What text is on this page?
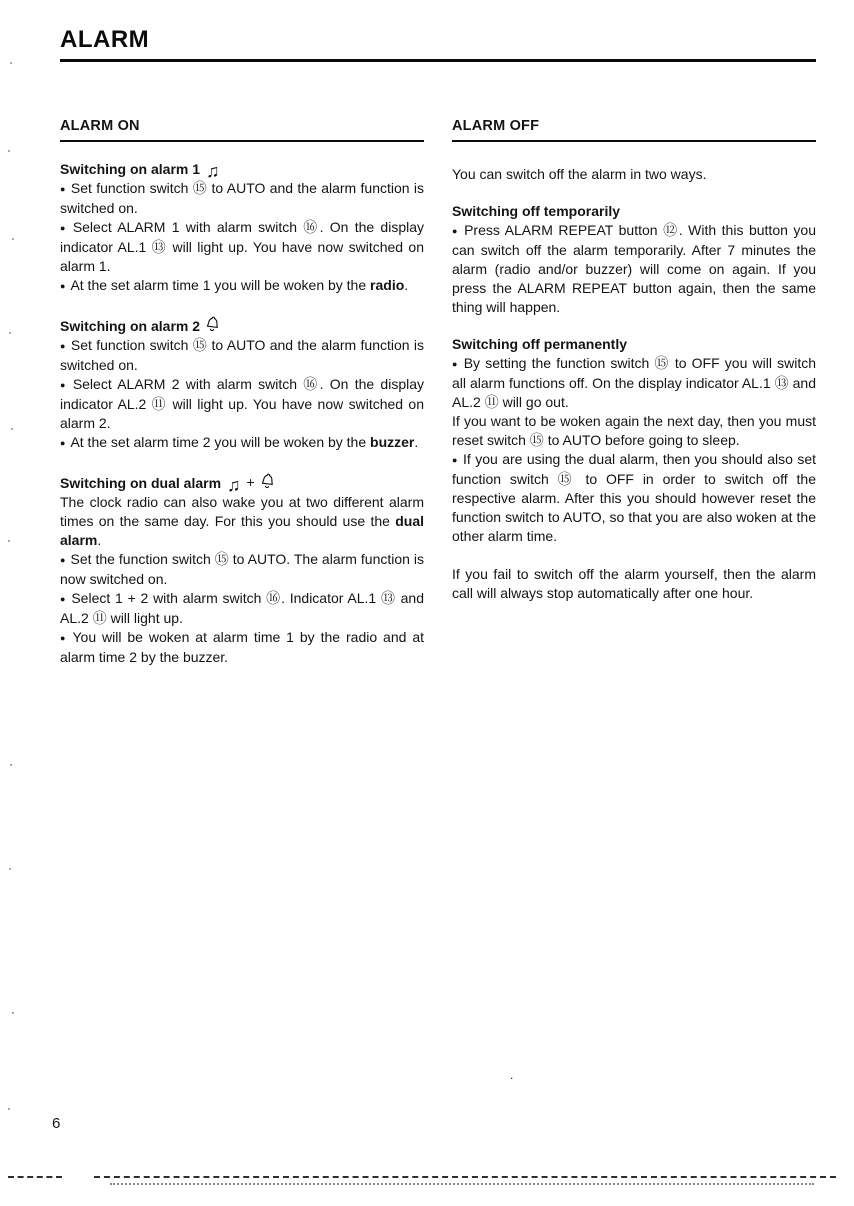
ALARM
ALARM ON
Switching on alarm 1 ♫

● Set function switch ⑮ to AUTO and the alarm function is switched on.

● Select ALARM 1 with alarm switch ⑯. On the display indicator AL.1 ⑬ will light up. You have now switched on alarm 1.

● At the set alarm time 1 you will be woken by the radio.

Switching on alarm 2

● Set function switch ⑮ to AUTO and the alarm function is switched on.

● Select ALARM 2 with alarm switch ⑯. On the display indicator AL.2 ⑪ will light up. You have now switched on alarm 2.

● At the set alarm time 2 you will be woken by the buzzer.

Switching on dual alarm ♫ +

The clock radio can also wake you at two different alarm times on the same day. For this you should use the dual alarm.

● Set the function switch ⑮ to AUTO. The alarm function is now switched on.

● Select 1 + 2 with alarm switch ⑯. Indicator AL.1 ⑬ and AL.2 ⑪ will light up.

● You will be woken at alarm time 1 by the radio and at alarm time 2 by the buzzer.

ALARM OFF

You can switch off the alarm in two ways.

Switching off temporarily

● Press ALARM REPEAT button ⑫. With this button you can switch off the alarm temporarily. After 7 minutes the alarm (radio and/or buzzer) will come on again. If you press the ALARM REPEAT button again, then the same thing will happen.

Switching off permanently

● By setting the function switch ⑮ to OFF you will switch all alarm functions off. On the display indicator AL.1 ⑬ and AL.2 ⑪ will go out.

If you want to be woken again the next day, then you must reset switch ⑮ to AUTO before going to sleep.

● If you are using the dual alarm, then you should also set function switch ⑮ to OFF in order to switch off the respective alarm. After this you should however reset the function switch to AUTO, so that you are also woken at the other alarm time.

If you fail to switch off the alarm yourself, then the alarm call will always stop automatically after one hour.

6
.
